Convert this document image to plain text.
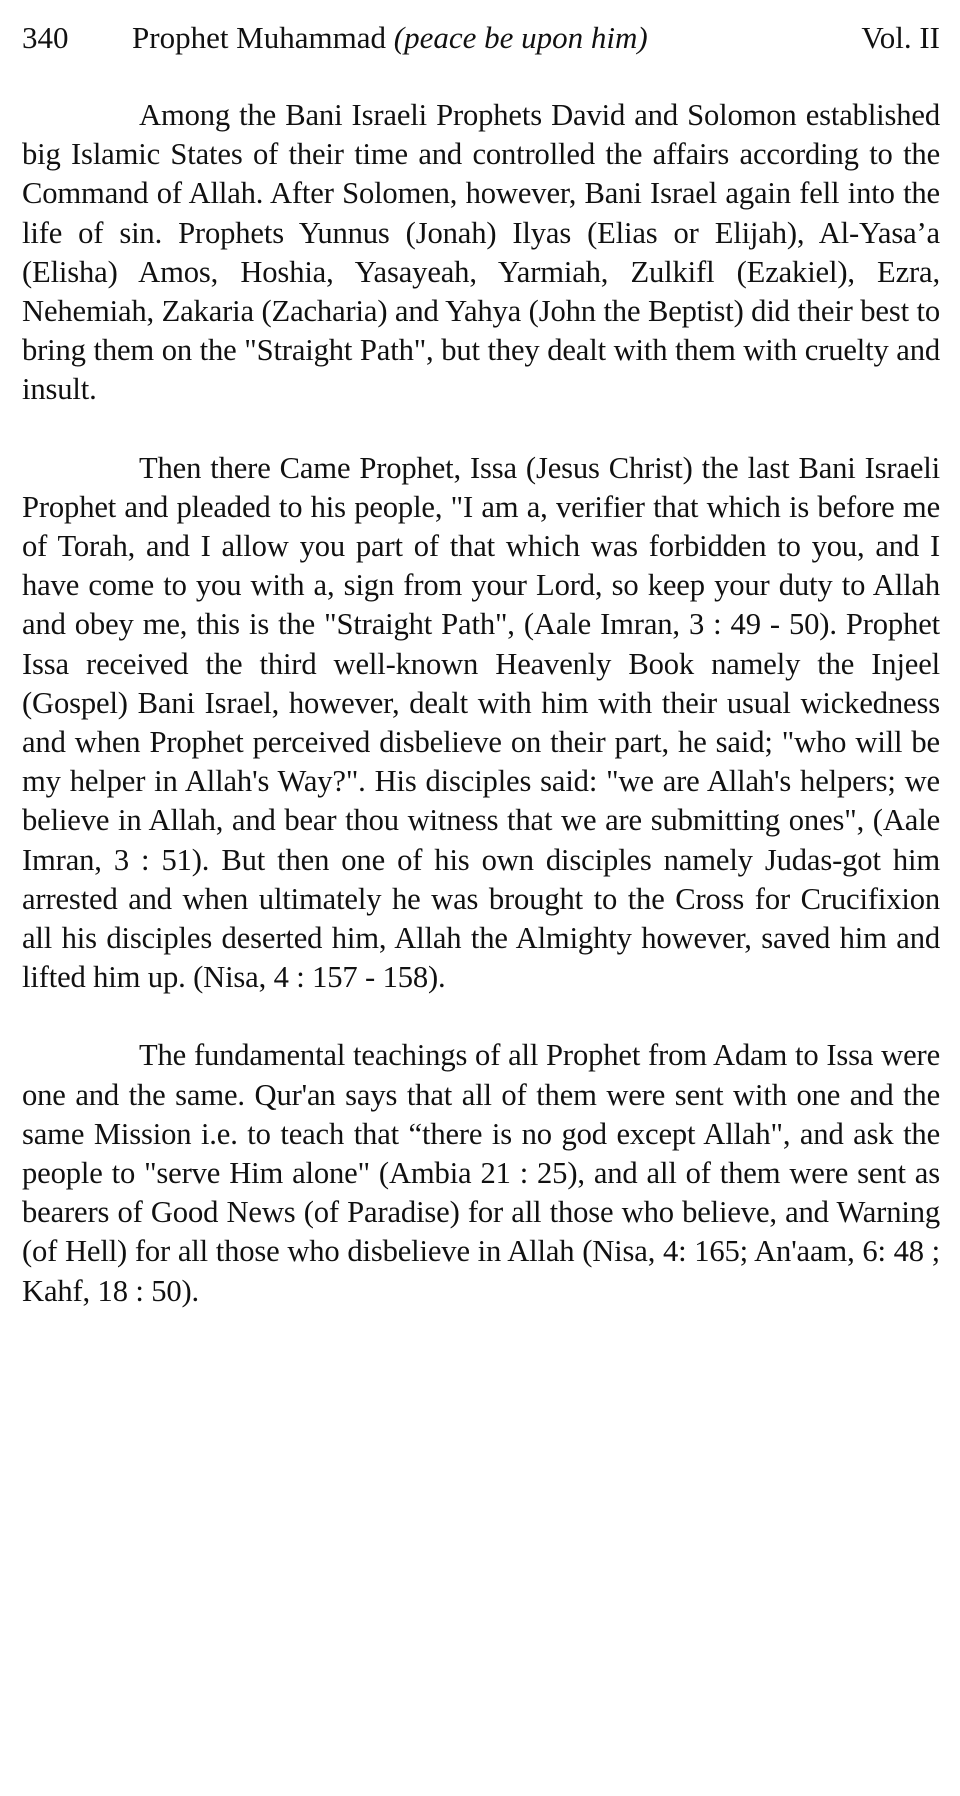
340 Prophet Muhammad (peace be upon him)	Vol. II

Among the Bani Israeli Prophets David and Solomon established big Islamic States of their time and controlled the affairs according to the Command of Allah. After Solomen, however, Bani Israel again fell into the life of sin. Prophets Yunnus (Jonah) Ilyas (Elias or Elijah), Al-Yasa’a (Elisha) Amos, Hoshia, Yasayeah, Yarmiah, Zulkifl (Ezakiel), Ezra, Nehemiah, Zakaria (Zacharia) and Yahya (John the Beptist) did their best to bring them on the "Straight Path", but they dealt with them with cruelty and insult.

Then there Came Prophet, Issa (Jesus Christ) the last Bani Israeli Prophet and pleaded to his people, "I am a, verifier that which is before me of Torah, and I allow you part of that which was forbidden to you, and I have come to you with a, sign from your Lord, so keep your duty to Allah and obey me, this is the "Straight Path", (Aale Imran, 3 : 49 - 50). Prophet Issa received the third well-known Heavenly Book namely the Injeel (Gospel) Bani Israel, however, dealt with him with their usual wickedness and when Prophet perceived disbelieve on their part, he said; "who will be my helper in Allah's Way?". His disciples said: "we are Allah's helpers; we believe in Allah, and bear thou witness that we are submitting ones", (Aale Imran, 3 : 51). But then one of his own disciples namely Judas-got him arrested and when ultimately he was brought to the Cross for Crucifixion all his disciples deserted him, Allah the Almighty however, saved him and lifted him up. (Nisa, 4 : 157 - 158).

The fundamental teachings of all Prophet from Adam to Issa were one and the same. Qur'an says that all of them were sent with one and the same Mission i.e. to teach that “there is no god except Allah", and ask the people to "serve Him alone" (Ambia 21 : 25), and all of them were sent as bearers of Good News (of Paradise) for all those who believe, and Warning (of Hell) for all those who disbelieve in Allah (Nisa, 4: 165; An'aam, 6: 48 ; Kahf, 18 : 50).
